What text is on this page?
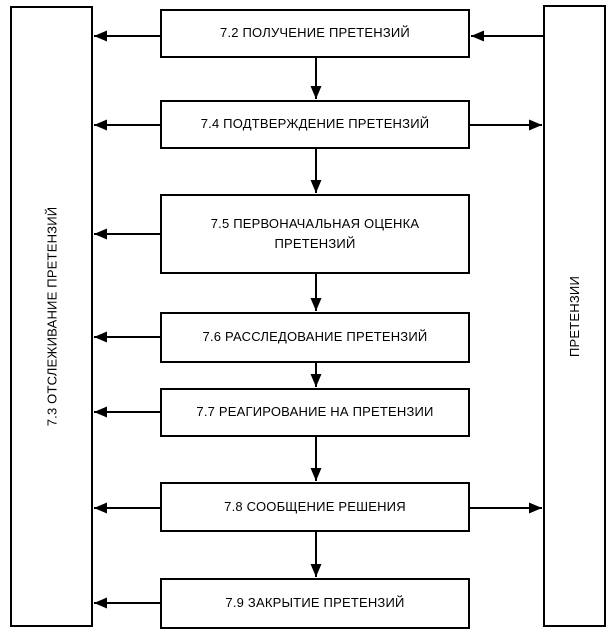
7.3 ОТСЛЕЖИВАНИЕ ПРЕТЕНЗИЙ	ПРЕТЕНЗИИ
7.2 ПОЛУЧЕНИЕ ПРЕТЕНЗИЙ
7.4 ПОДТВЕРЖДЕНИЕ ПРЕТЕНЗИЙ
7.5 ПЕРВОНАЧАЛЬНАЯ ОЦЕНКА ПРЕТЕНЗИЙ
7.6 РАССЛЕДОВАНИЕ ПРЕТЕНЗИЙ
7.7 РЕАГИРОВАНИЕ НА ПРЕТЕНЗИИ
7.8 СООБЩЕНИЕ РЕШЕНИЯ
7.9 ЗАКРЫТИЕ ПРЕТЕНЗИЙ
